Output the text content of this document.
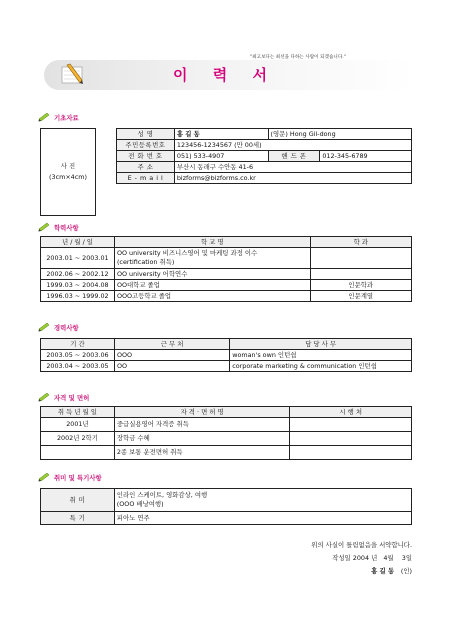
"최고보다는 최선을 다하는 사람이 되겠습니다."
이 력 서
기초자료
사 진
(3cm×4cm)
성 명	홍 길 동	(영문) Hong Gil-dong	
주민등록번호	123456-1234567 (만 00세)		
전 화 번 호	051) 533-4907	핸 드 폰	012-345-6789
주 소	부산시 동래구 수안동 41-6		
E - m a i l	bizforms@bizforms.co.kr		
학력사항
년 / 월 / 일	학 교 명	학 과
2003.01 ~ 2003.01	OO university 비즈니스영어 및 마케팅 과정 이수
(certification 취득)	

2002.06 ~ 2002.12	OO university 어학연수	
1999.03 ~ 2004.08	OO대학교 졸업	인문학과
1996.03 ~ 1999.02	OOO고등학교 졸업	인문계열
경력사항
기 간	근 무 처	담 당 사 무
2003.05 ~ 2003.06	OOO	woman's own 인턴쉽
2003.04 ~ 2003.05	OO	corporate marketing & communication 인턴쉽
자격 및 면허
취 득 년 월 일	자 격 · 면 허 명	시 행 처
2001년	중급실용영어 자격증 취득	
2002년 2학기	장학금 수혜	
	2종 보통 운전면허 취득	
취미 및 특기사항
취 미	인라인 스케이트, 영화감상, 여행
(OOO 배낭여행)

특 기	피아노 연주
위의 사실이 틀림없음을 서약합니다.
작성일 2004 년 4월 3일
홍 길 동 (인)
